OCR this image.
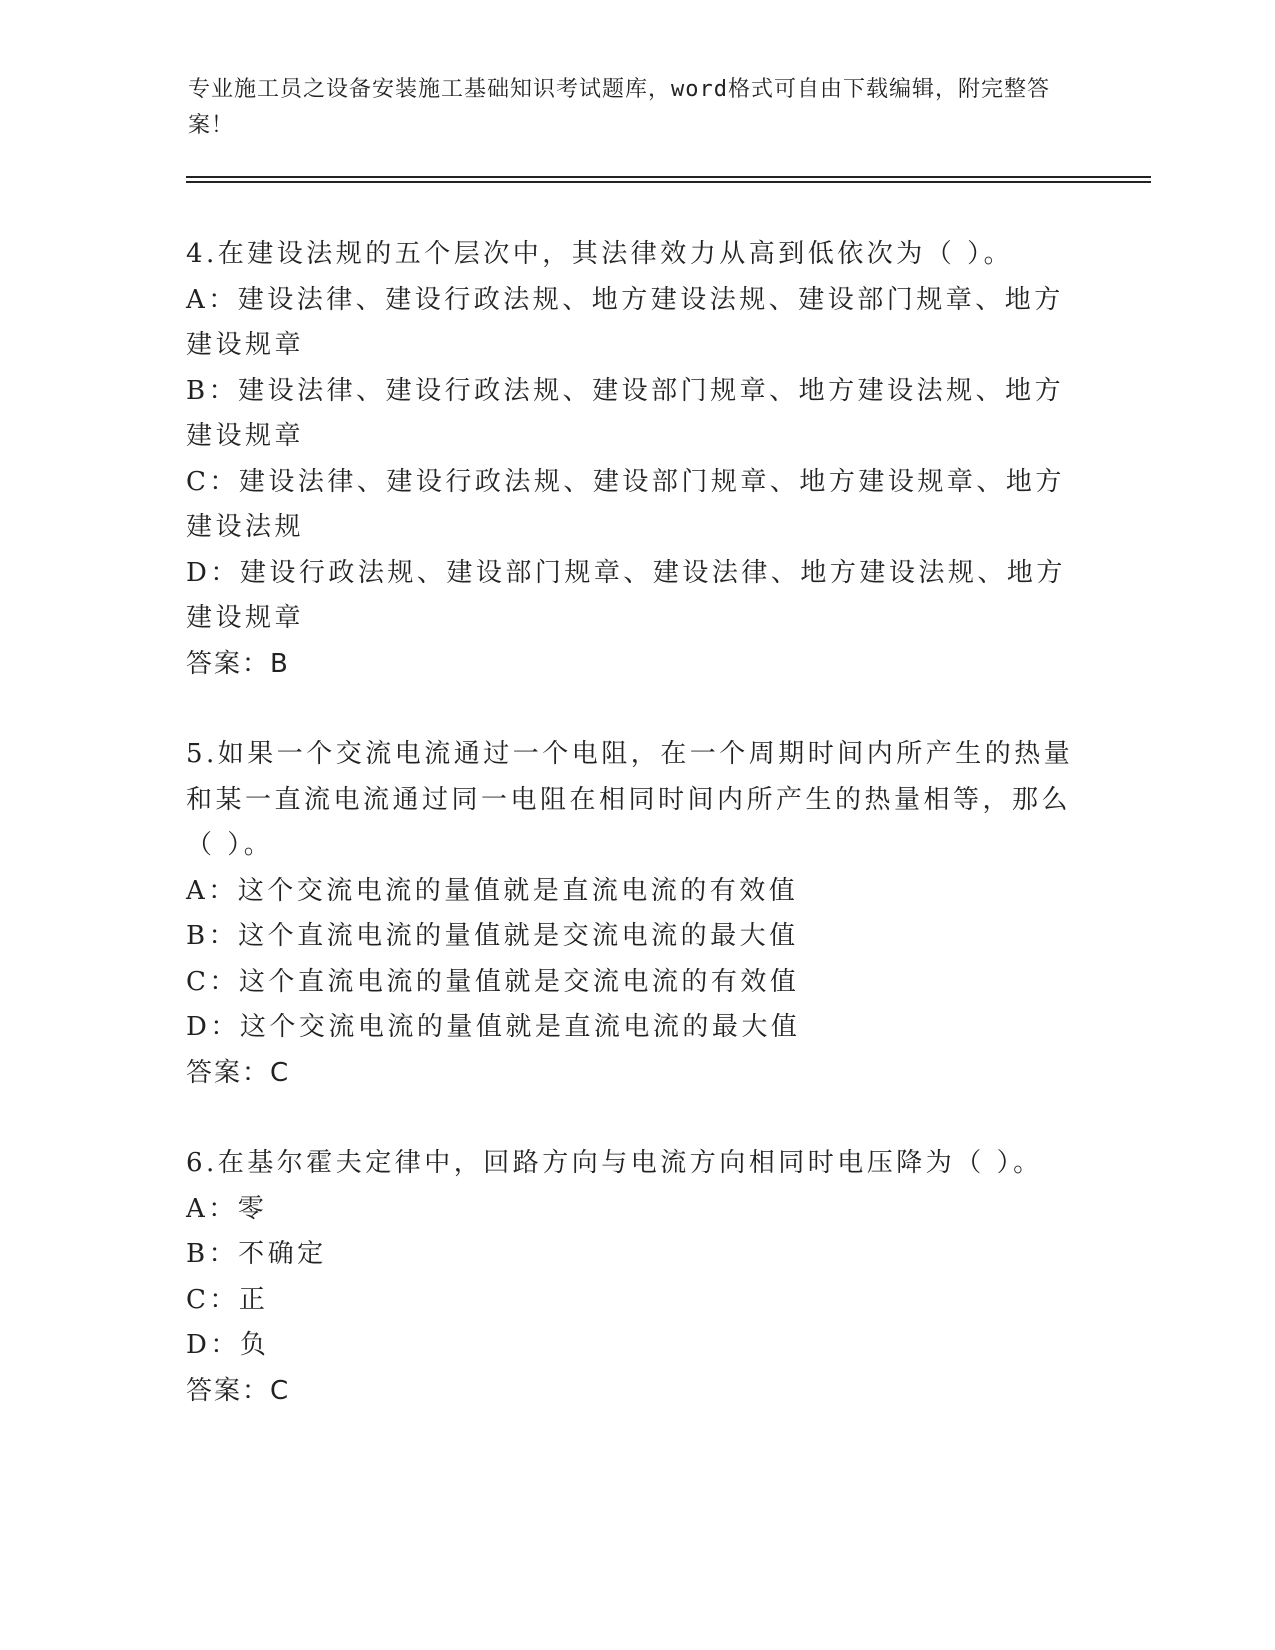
专业施工员之设备安装施工基础知识考试题库，word格式可自由下载编辑，附完整答案！

4.在建设法规的五个层次中，其法律效力从高到低依次为（ ）。

A：建设法律、建设行政法规、地方建设法规、建设部门规章、地方建设规章

B：建设法律、建设行政法规、建设部门规章、地方建设法规、地方建设规章

C：建设法律、建设行政法规、建设部门规章、地方建设规章、地方建设法规

D：建设行政法规、建设部门规章、建设法律、地方建设法规、地方建设规章

答案：B

5.如果一个交流电流通过一个电阻，在一个周期时间内所产生的热量和某一直流电流通过同一电阻在相同时间内所产生的热量相等，那么（ ）。

A：这个交流电流的量值就是直流电流的有效值

B：这个直流电流的量值就是交流电流的最大值

C：这个直流电流的量值就是交流电流的有效值

D：这个交流电流的量值就是直流电流的最大值

答案：C

6.在基尔霍夫定律中，回路方向与电流方向相同时电压降为（ ）。

A：零

B：不确定

C：正

D：负

答案：C
